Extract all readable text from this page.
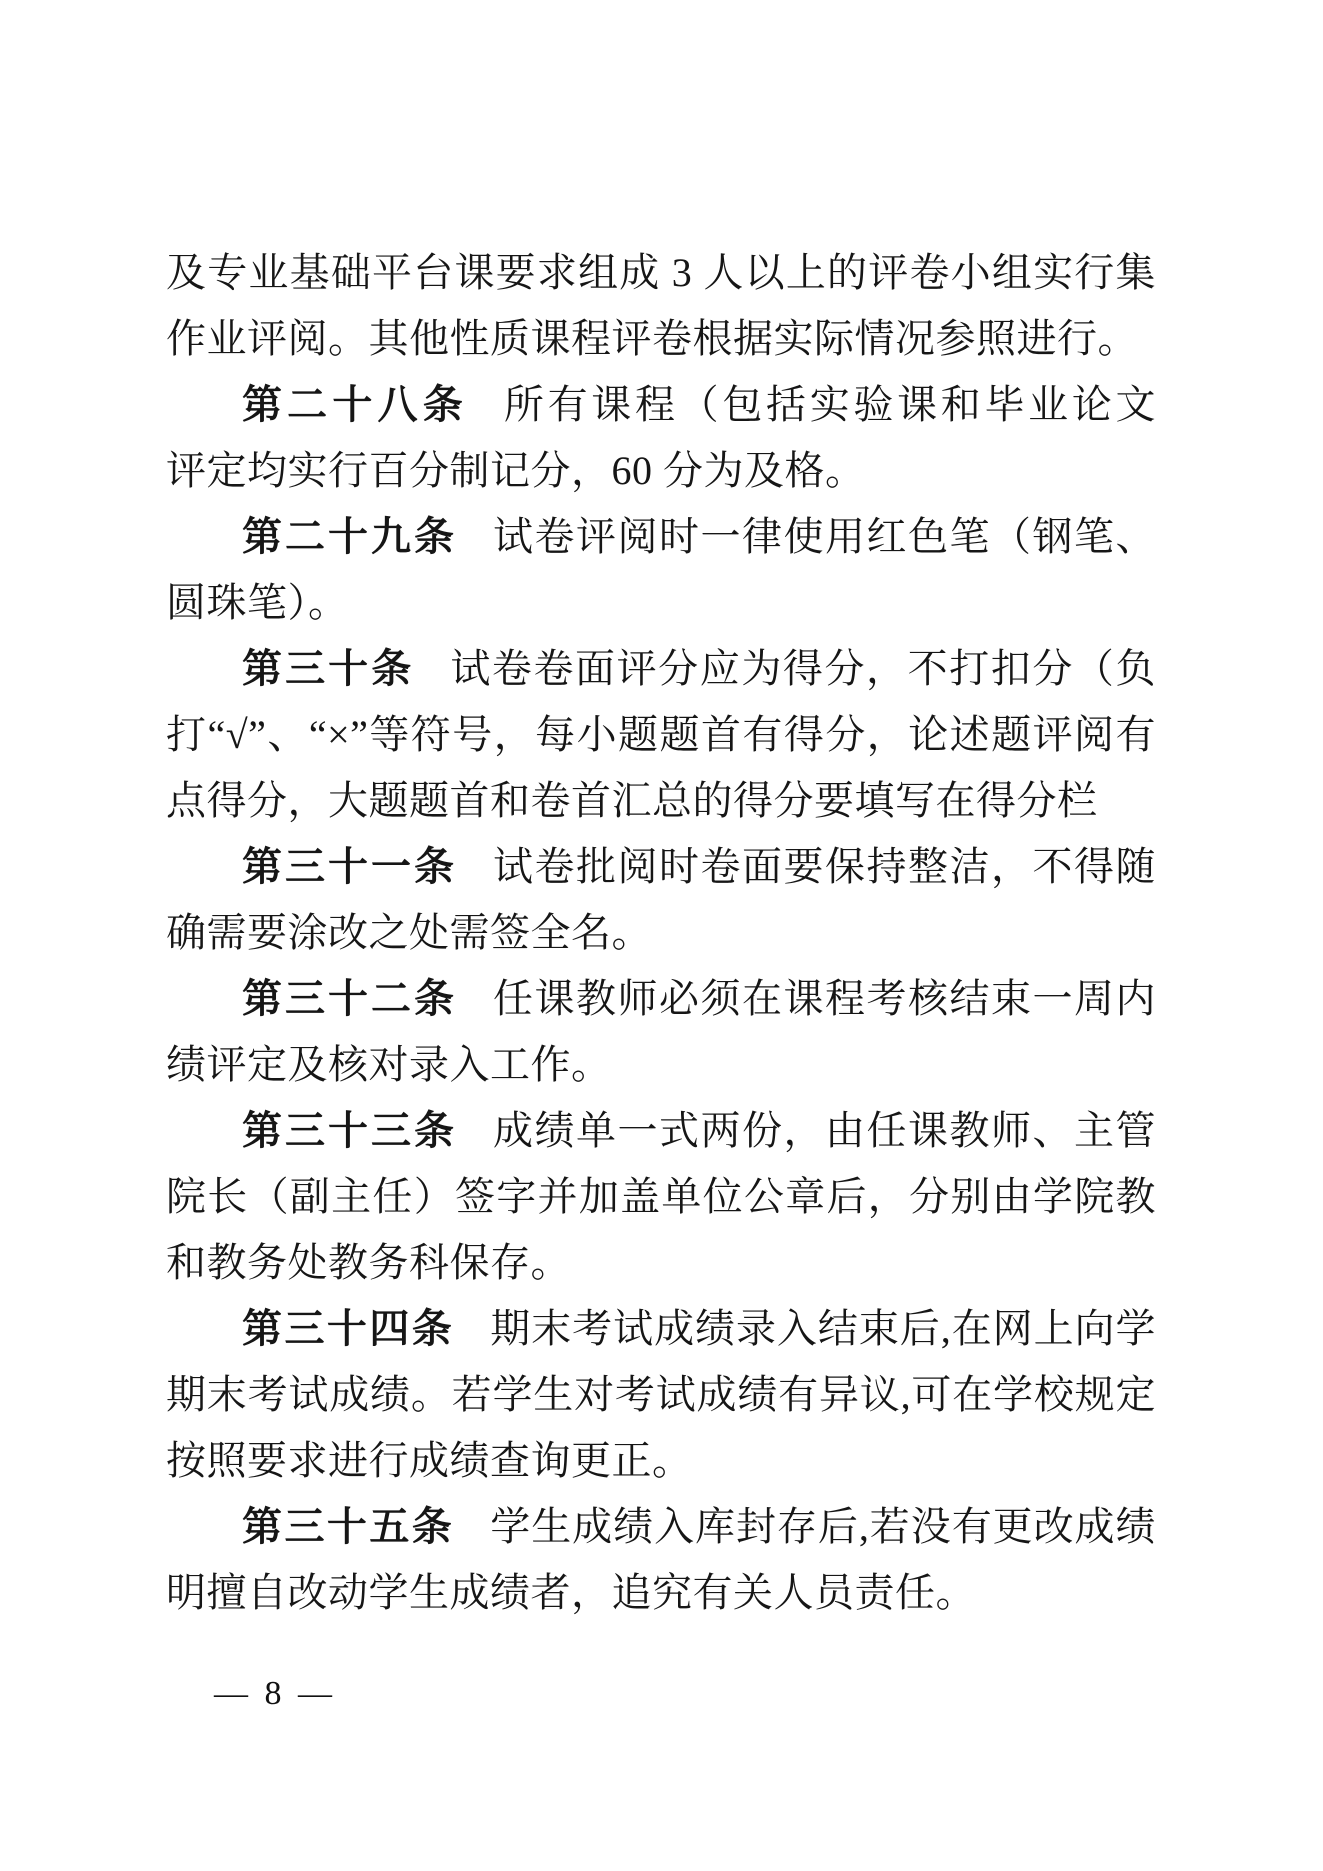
及专业基础平台课要求组成 3 人以上的评卷小组实行集
作业评阅。其他性质课程评卷根据实际情况参照进行。
第二十八条 所有课程（包括实验课和毕业论文
评定均实行百分制记分，60 分为及格。
第二十九条 试卷评阅时一律使用红色笔（钢笔、
圆珠笔）。
第三十条 试卷卷面评分应为得分，不打扣分（负
打“√”、“×”等符号，每小题题首有得分，论述题评阅有
点得分，大题题首和卷首汇总的得分要填写在得分栏
第三十一条 试卷批阅时卷面要保持整洁，不得随
确需要涂改之处需签全名。
第三十二条 任课教师必须在课程考核结束一周内
绩评定及核对录入工作。
第三十三条 成绩单一式两份，由任课教师、主管
院长（副主任）签字并加盖单位公章后，分别由学院教
和教务处教务科保存。
第三十四条 期末考试成绩录入结束后,在网上向学
期末考试成绩。若学生对考试成绩有异议,可在学校规定
按照要求进行成绩查询更正。
第三十五条 学生成绩入库封存后,若没有更改成绩
明擅自改动学生成绩者，追究有关人员责任。
— 8 —
